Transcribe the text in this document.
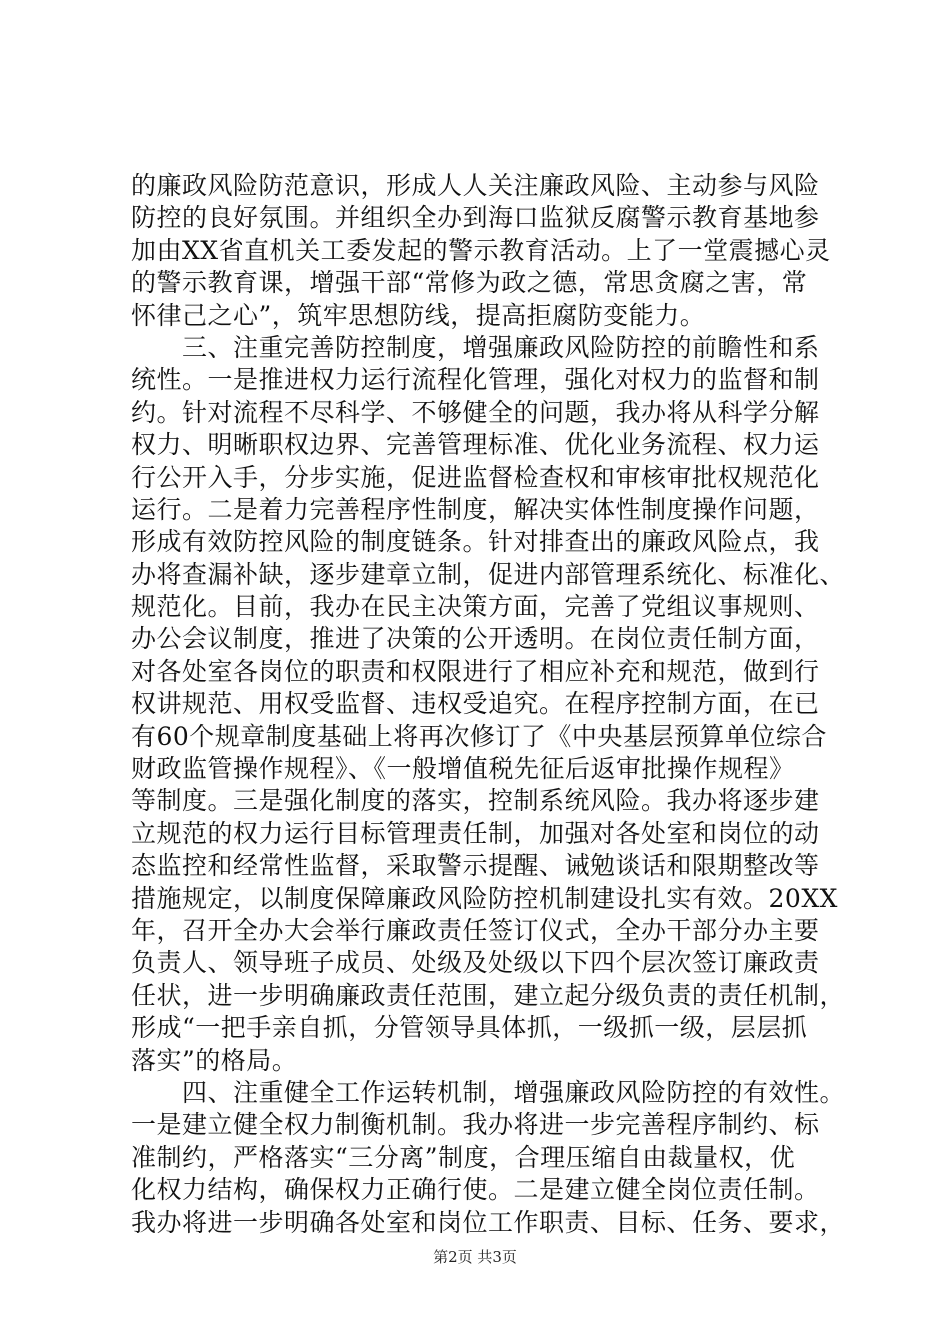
的廉政风险防范意识，形成人人关注廉政风险、主动参与风险
防控的良好氛围。并组织全办到海口监狱反腐警示教育基地参
加由XX省直机关工委发起的警示教育活动。上了一堂震撼心灵
的警示教育课，增强干部“常修为政之德，常思贪腐之害，常
怀律己之心”，筑牢思想防线，提高拒腐防变能力。
　　三、注重完善防控制度，增强廉政风险防控的前瞻性和系
统性。一是推进权力运行流程化管理，强化对权力的监督和制
约。针对流程不尽科学、不够健全的问题，我办将从科学分解
权力、明晰职权边界、完善管理标准、优化业务流程、权力运
行公开入手，分步实施，促进监督检查权和审核审批权规范化
运行。二是着力完善程序性制度，解决实体性制度操作问题，
形成有效防控风险的制度链条。针对排查出的廉政风险点，我
办将查漏补缺，逐步建章立制，促进内部管理系统化、标准化、
规范化。目前，我办在民主决策方面，完善了党组议事规则、
办公会议制度，推进了决策的公开透明。在岗位责任制方面，
对各处室各岗位的职责和权限进行了相应补充和规范，做到行
权讲规范、用权受监督、违权受追究。在程序控制方面，在已
有60个规章制度基础上将再次修订了《中央基层预算单位综合
财政监管操作规程》、《一般增值税先征后返审批操作规程》
等制度。三是强化制度的落实，控制系统风险。我办将逐步建
立规范的权力运行目标管理责任制，加强对各处室和岗位的动
态监控和经常性监督，采取警示提醒、诫勉谈话和限期整改等
措施规定，以制度保障廉政风险防控机制建设扎实有效。20XX
年，召开全办大会举行廉政责任签订仪式，全办干部分办主要
负责人、领导班子成员、处级及处级以下四个层次签订廉政责
任状，进一步明确廉政责任范围，建立起分级负责的责任机制，
形成“一把手亲自抓，分管领导具体抓，一级抓一级，层层抓
落实”的格局。
　　四、注重健全工作运转机制，增强廉政风险防控的有效性。
一是建立健全权力制衡机制。我办将进一步完善程序制约、标
准制约，严格落实“三分离”制度，合理压缩自由裁量权，优
化权力结构，确保权力正确行使。二是建立健全岗位责任制。
我办将进一步明确各处室和岗位工作职责、目标、任务、要求，
第2页 共3页
